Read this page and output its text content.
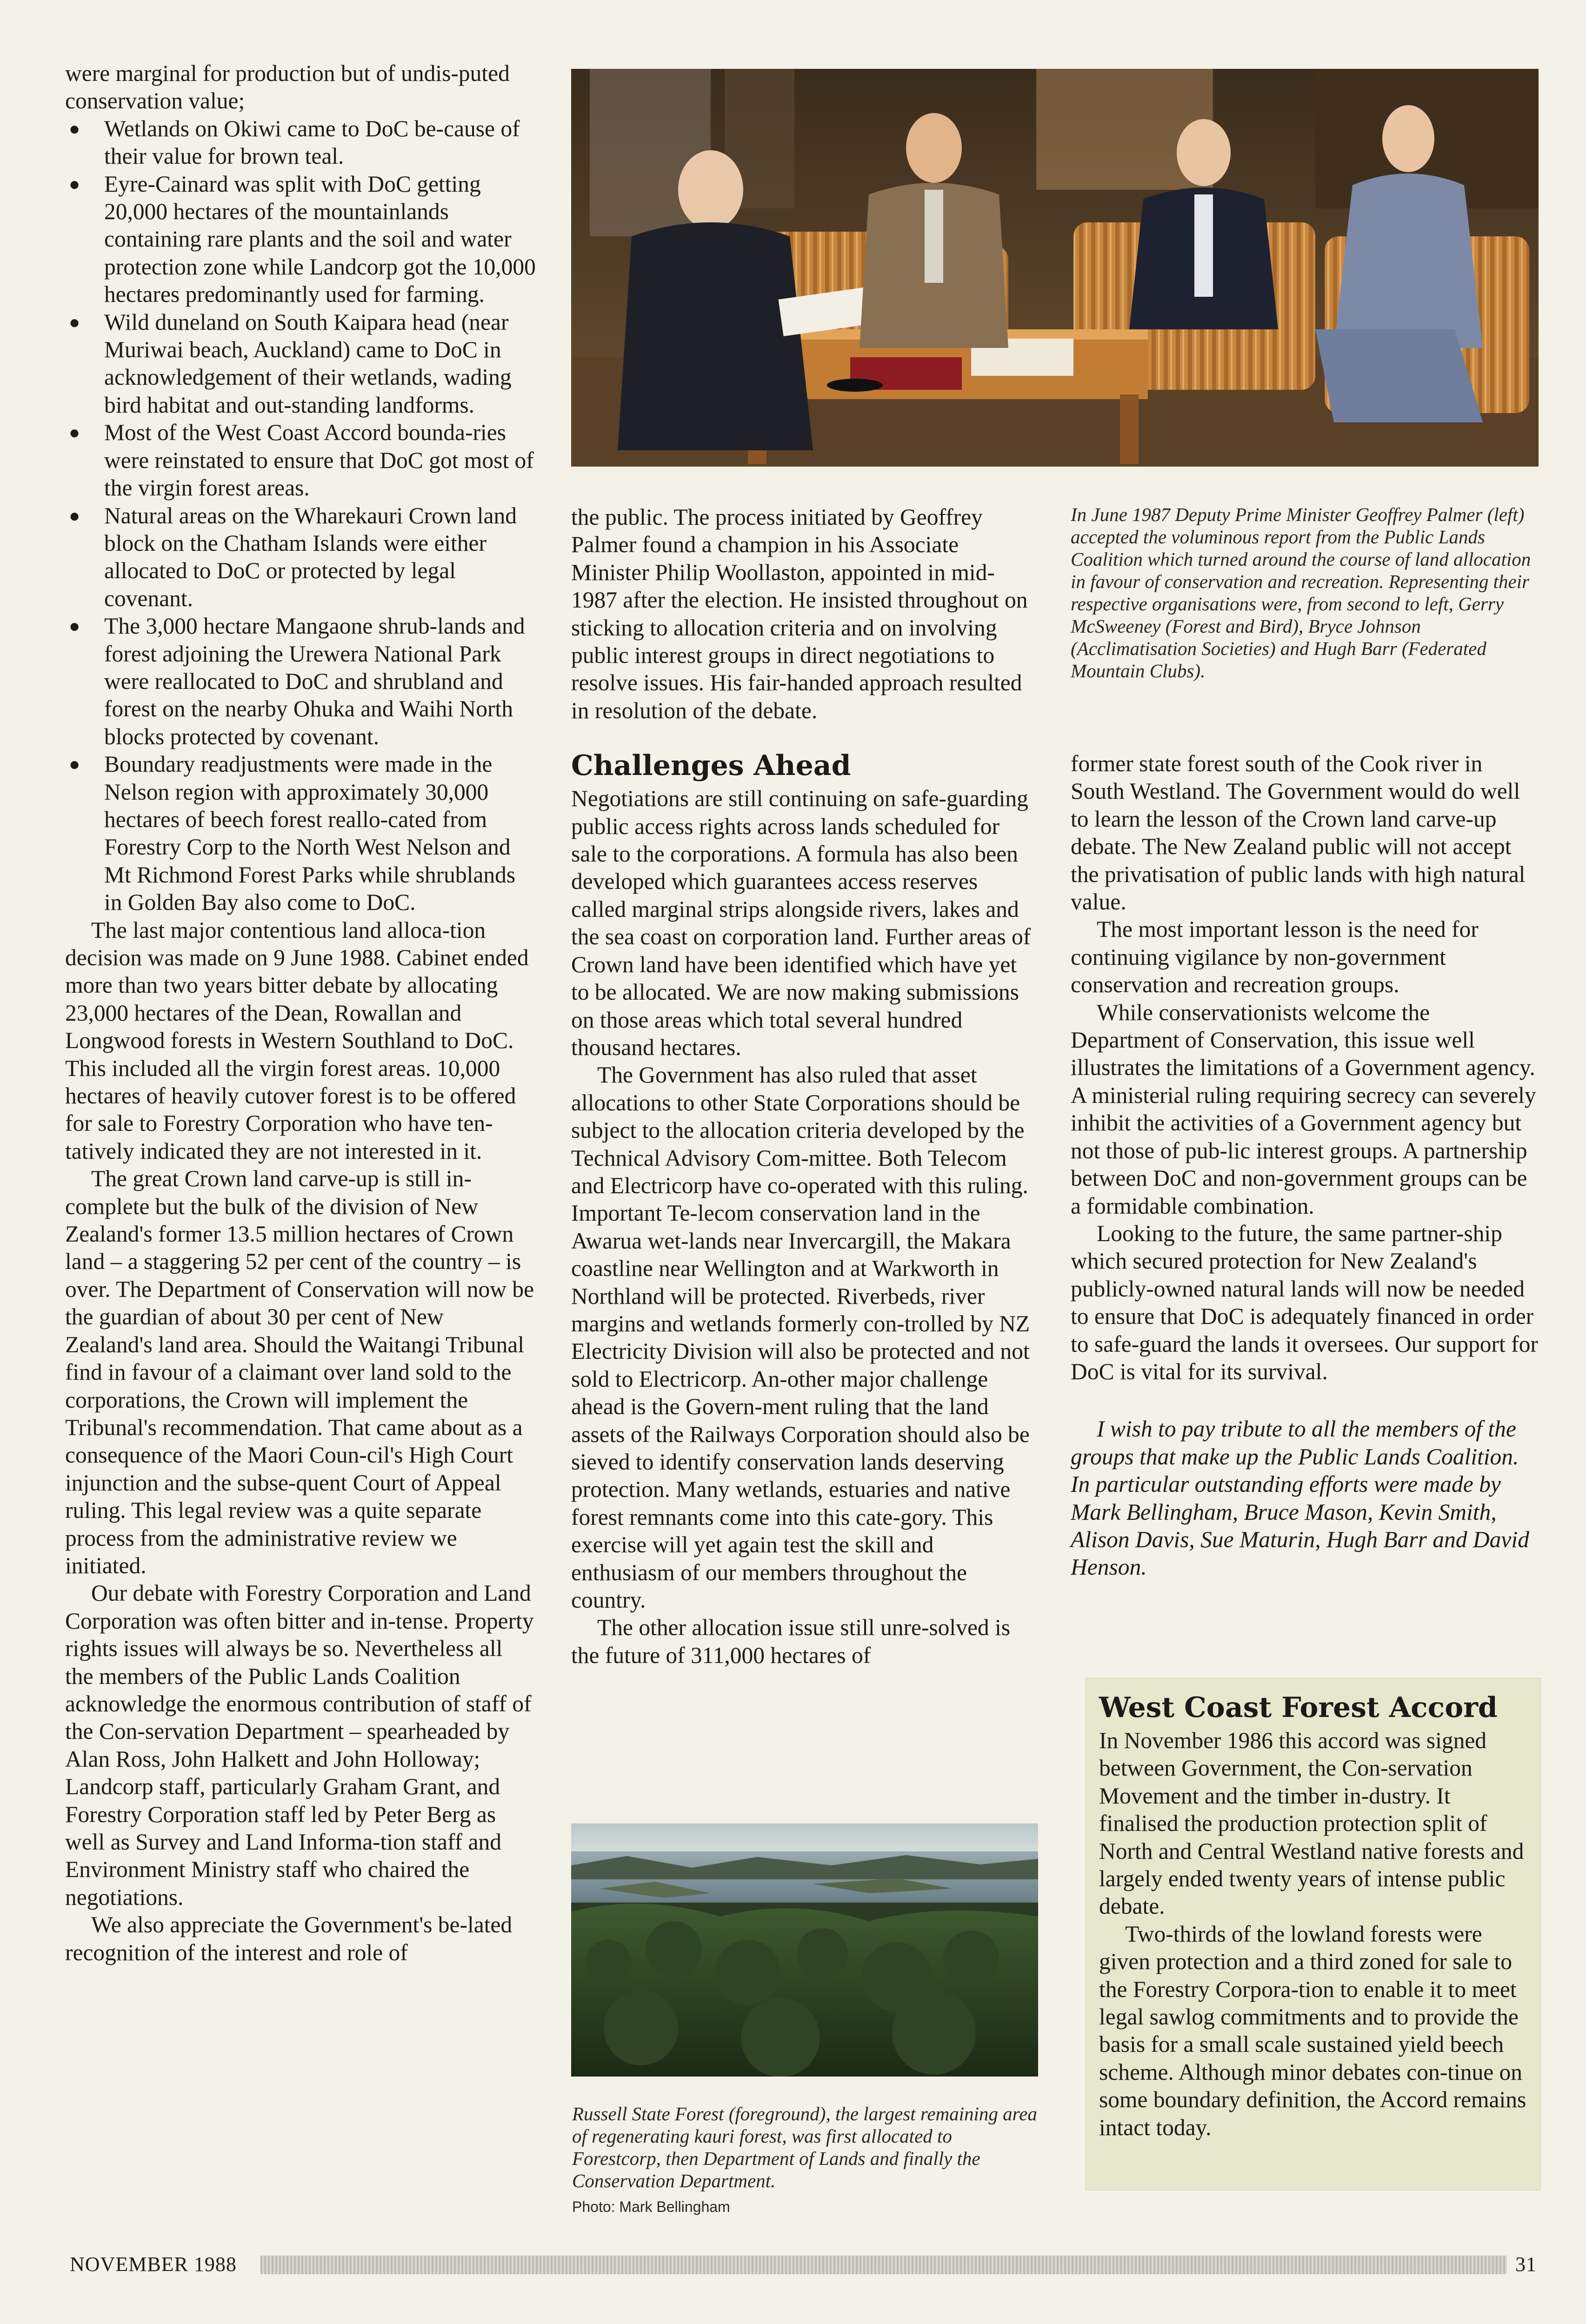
were marginal for production but of undis-puted conservation value;

● Wetlands on Okiwi came to DoC be-cause of their value for brown teal.
● Eyre-Cainard was split with DoC getting 20,000 hectares of the mountainlands containing rare plants and the soil and water protection zone while Landcorp got the 10,000 hectares predominantly used for farming.
● Wild duneland on South Kaipara head (near Muriwai beach, Auckland) came to DoC in acknowledgement of their wetlands, wading bird habitat and out-standing landforms.
● Most of the West Coast Accord bounda-ries were reinstated to ensure that DoC got most of the virgin forest areas.
● Natural areas on the Wharekauri Crown land block on the Chatham Islands were either allocated to DoC or protected by legal covenant.
● The 3,000 hectare Mangaone shrub-lands and forest adjoining the Urewera National Park were reallocated to DoC and shrubland and forest on the nearby Ohuka and Waihi North blocks protected by covenant.
● Boundary readjustments were made in the Nelson region with approximately 30,000 hectares of beech forest reallo-cated from Forestry Corp to the North West Nelson and Mt Richmond Forest Parks while shrublands in Golden Bay also come to DoC.

The last major contentious land alloca-tion decision was made on 9 June 1988. Cabinet ended more than two years bitter debate by allocating 23,000 hectares of the Dean, Rowallan and Longwood forests in Western Southland to DoC. This included all the virgin forest areas. 10,000 hectares of heavily cutover forest is to be offered for sale to Forestry Corporation who have ten-tatively indicated they are not interested in it.

The great Crown land carve-up is still in-complete but the bulk of the division of New Zealand's former 13.5 million hectares of Crown land – a staggering 52 per cent of the country – is over. The Department of Conservation will now be the guardian of about 30 per cent of New Zealand's land area. Should the Waitangi Tribunal find in favour of a claimant over land sold to the corporations, the Crown will implement the Tribunal's recommendation. That came about as a consequence of the Maori Coun-cil's High Court injunction and the subse-quent Court of Appeal ruling. This legal review was a quite separate process from the administrative review we initiated.

Our debate with Forestry Corporation and Land Corporation was often bitter and in-tense. Property rights issues will always be so. Nevertheless all the members of the Public Lands Coalition acknowledge the enormous contribution of staff of the Con-servation Department – spearheaded by Alan Ross, John Halkett and John Holloway; Landcorp staff, particularly Graham Grant, and Forestry Corporation staff led by Peter Berg as well as Survey and Land Informa-tion staff and Environment Ministry staff who chaired the negotiations.

We also appreciate the Government's be-lated recognition of the interest and role of

the public. The process initiated by Geoffrey Palmer found a champion in his Associate Minister Philip Woollaston, appointed in mid-1987 after the election. He insisted throughout on sticking to allocation criteria and on involving public interest groups in direct negotiations to resolve issues. His fair-handed approach resulted in resolution of the debate.

Challenges Ahead

Negotiations are still continuing on safe-guarding public access rights across lands scheduled for sale to the corporations. A formula has also been developed which guarantees access reserves called marginal strips alongside rivers, lakes and the sea coast on corporation land. Further areas of Crown land have been identified which have yet to be allocated. We are now making submissions on those areas which total several hundred thousand hectares.

The Government has also ruled that asset allocations to other State Corporations should be subject to the allocation criteria developed by the Technical Advisory Com-mittee. Both Telecom and Electricorp have co-operated with this ruling. Important Te-lecom conservation land in the Awarua wet-lands near Invercargill, the Makara coastline near Wellington and at Warkworth in Northland will be protected. Riverbeds, river margins and wetlands formerly con-trolled by NZ Electricity Division will also be protected and not sold to Electricorp. An-other major challenge ahead is the Govern-ment ruling that the land assets of the Railways Corporation should also be sieved to identify conservation lands deserving protection. Many wetlands, estuaries and native forest remnants come into this cate-gory. This exercise will yet again test the skill and enthusiasm of our members throughout the country.

The other allocation issue still unre-solved is the future of 311,000 hectares of

Russell State Forest (foreground), the largest remaining area of regenerating kauri forest, was first allocated to Forestcorp, then Department of Lands and finally the Conservation Department.
Photo: Mark Bellingham
In June 1987 Deputy Prime Minister Geoffrey Palmer (left) accepted the voluminous report from the Public Lands Coalition which turned around the course of land allocation in favour of conservation and recreation. Representing their respective organisations were, from second to left, Gerry McSweeney (Forest and Bird), Bryce Johnson (Acclimatisation Societies) and Hugh Barr (Federated Mountain Clubs).

former state forest south of the Cook river in South Westland. The Government would do well to learn the lesson of the Crown land carve-up debate. The New Zealand public will not accept the privatisation of public lands with high natural value.

The most important lesson is the need for continuing vigilance by non-government conservation and recreation groups.

While conservationists welcome the Department of Conservation, this issue well illustrates the limitations of a Government agency. A ministerial ruling requiring secrecy can severely inhibit the activities of a Government agency but not those of pub-lic interest groups. A partnership between DoC and non-government groups can be a formidable combination.

Looking to the future, the same partner-ship which secured protection for New Zealand's publicly-owned natural lands will now be needed to ensure that DoC is adequately financed in order to safe-guard the lands it oversees. Our support for DoC is vital for its survival.

I wish to pay tribute to all the members of the groups that make up the Public Lands Coalition. In particular outstanding efforts were made by Mark Bellingham, Bruce Mason, Kevin Smith, Alison Davis, Sue Maturin, Hugh Barr and David Henson.

West Coast Forest Accord

In November 1986 this accord was signed between Government, the Con-servation Movement and the timber in-dustry. It finalised the production protection split of North and Central Westland native forests and largely ended twenty years of intense public debate.

Two-thirds of the lowland forests were given protection and a third zoned for sale to the Forestry Corpora-tion to enable it to meet legal sawlog commitments and to provide the basis for a small scale sustained yield beech scheme. Although minor debates con-tinue on some boundary definition, the Accord remains intact today.

NOVEMBER 1988	31
